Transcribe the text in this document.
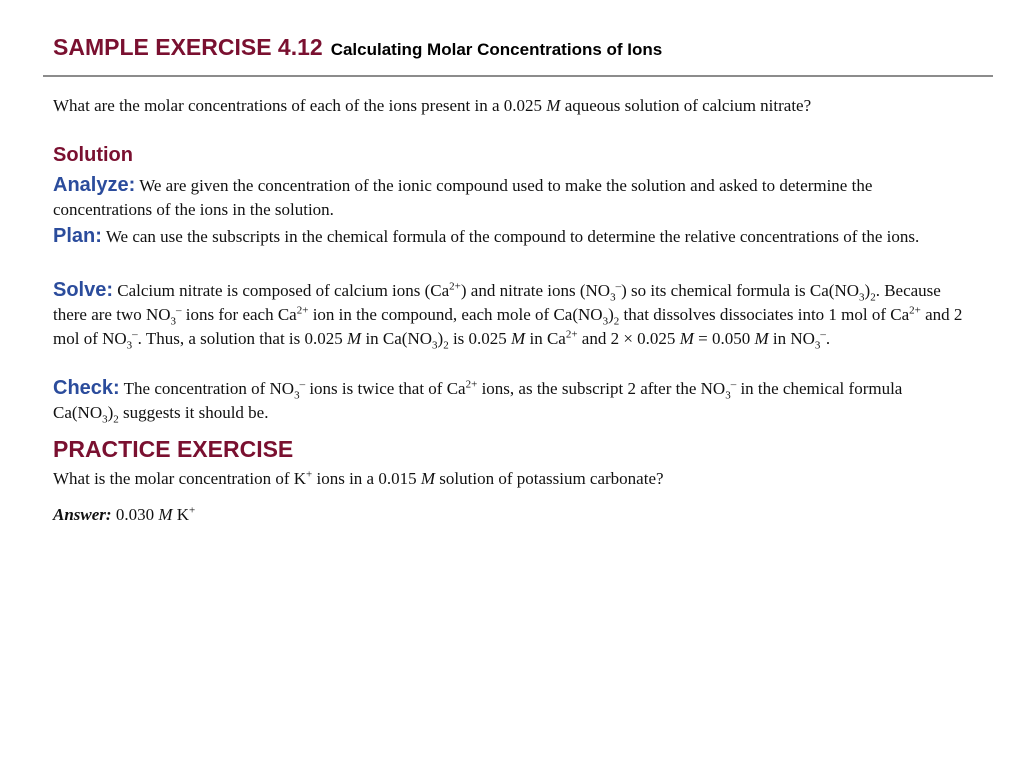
SAMPLE EXERCISE 4.12 Calculating Molar Concentrations of Ions
What are the molar concentrations of each of the ions present in a 0.025 M aqueous solution of calcium nitrate?
Solution
Analyze: We are given the concentration of the ionic compound used to make the solution and asked to determine the concentrations of the ions in the solution.
Plan: We can use the subscripts in the chemical formula of the compound to determine the relative concentrations of the ions.
Solve: Calcium nitrate is composed of calcium ions $(Ca^{2+})$ and nitrate ions $(NO_3^-)$ so its chemical formula is $Ca(NO_3)_2$. Because there are two $NO_3^-$ ions for each $Ca^{2+}$ ion in the compound, each mole of $Ca(NO_3)_2$ that dissolves dissociates into 1 mol of $Ca^{2+}$ and 2 mol of $NO_3^-$. Thus, a solution that is 0.025 M in $Ca(NO_3)_2$ is 0.025 M in $Ca^{2+}$ and 2 × 0.025 M = 0.050 M in $NO_3^-$.
Check: The concentration of $NO_3^-$ ions is twice that of $Ca^{2+}$ ions, as the subscript 2 after the $NO_3^-$ in the chemical formula $Ca(NO_3)_2$ suggests it should be.
PRACTICE EXERCISE
What is the molar concentration of K+ ions in a 0.015 M solution of potassium carbonate?
Answer: 0.030 M K+
